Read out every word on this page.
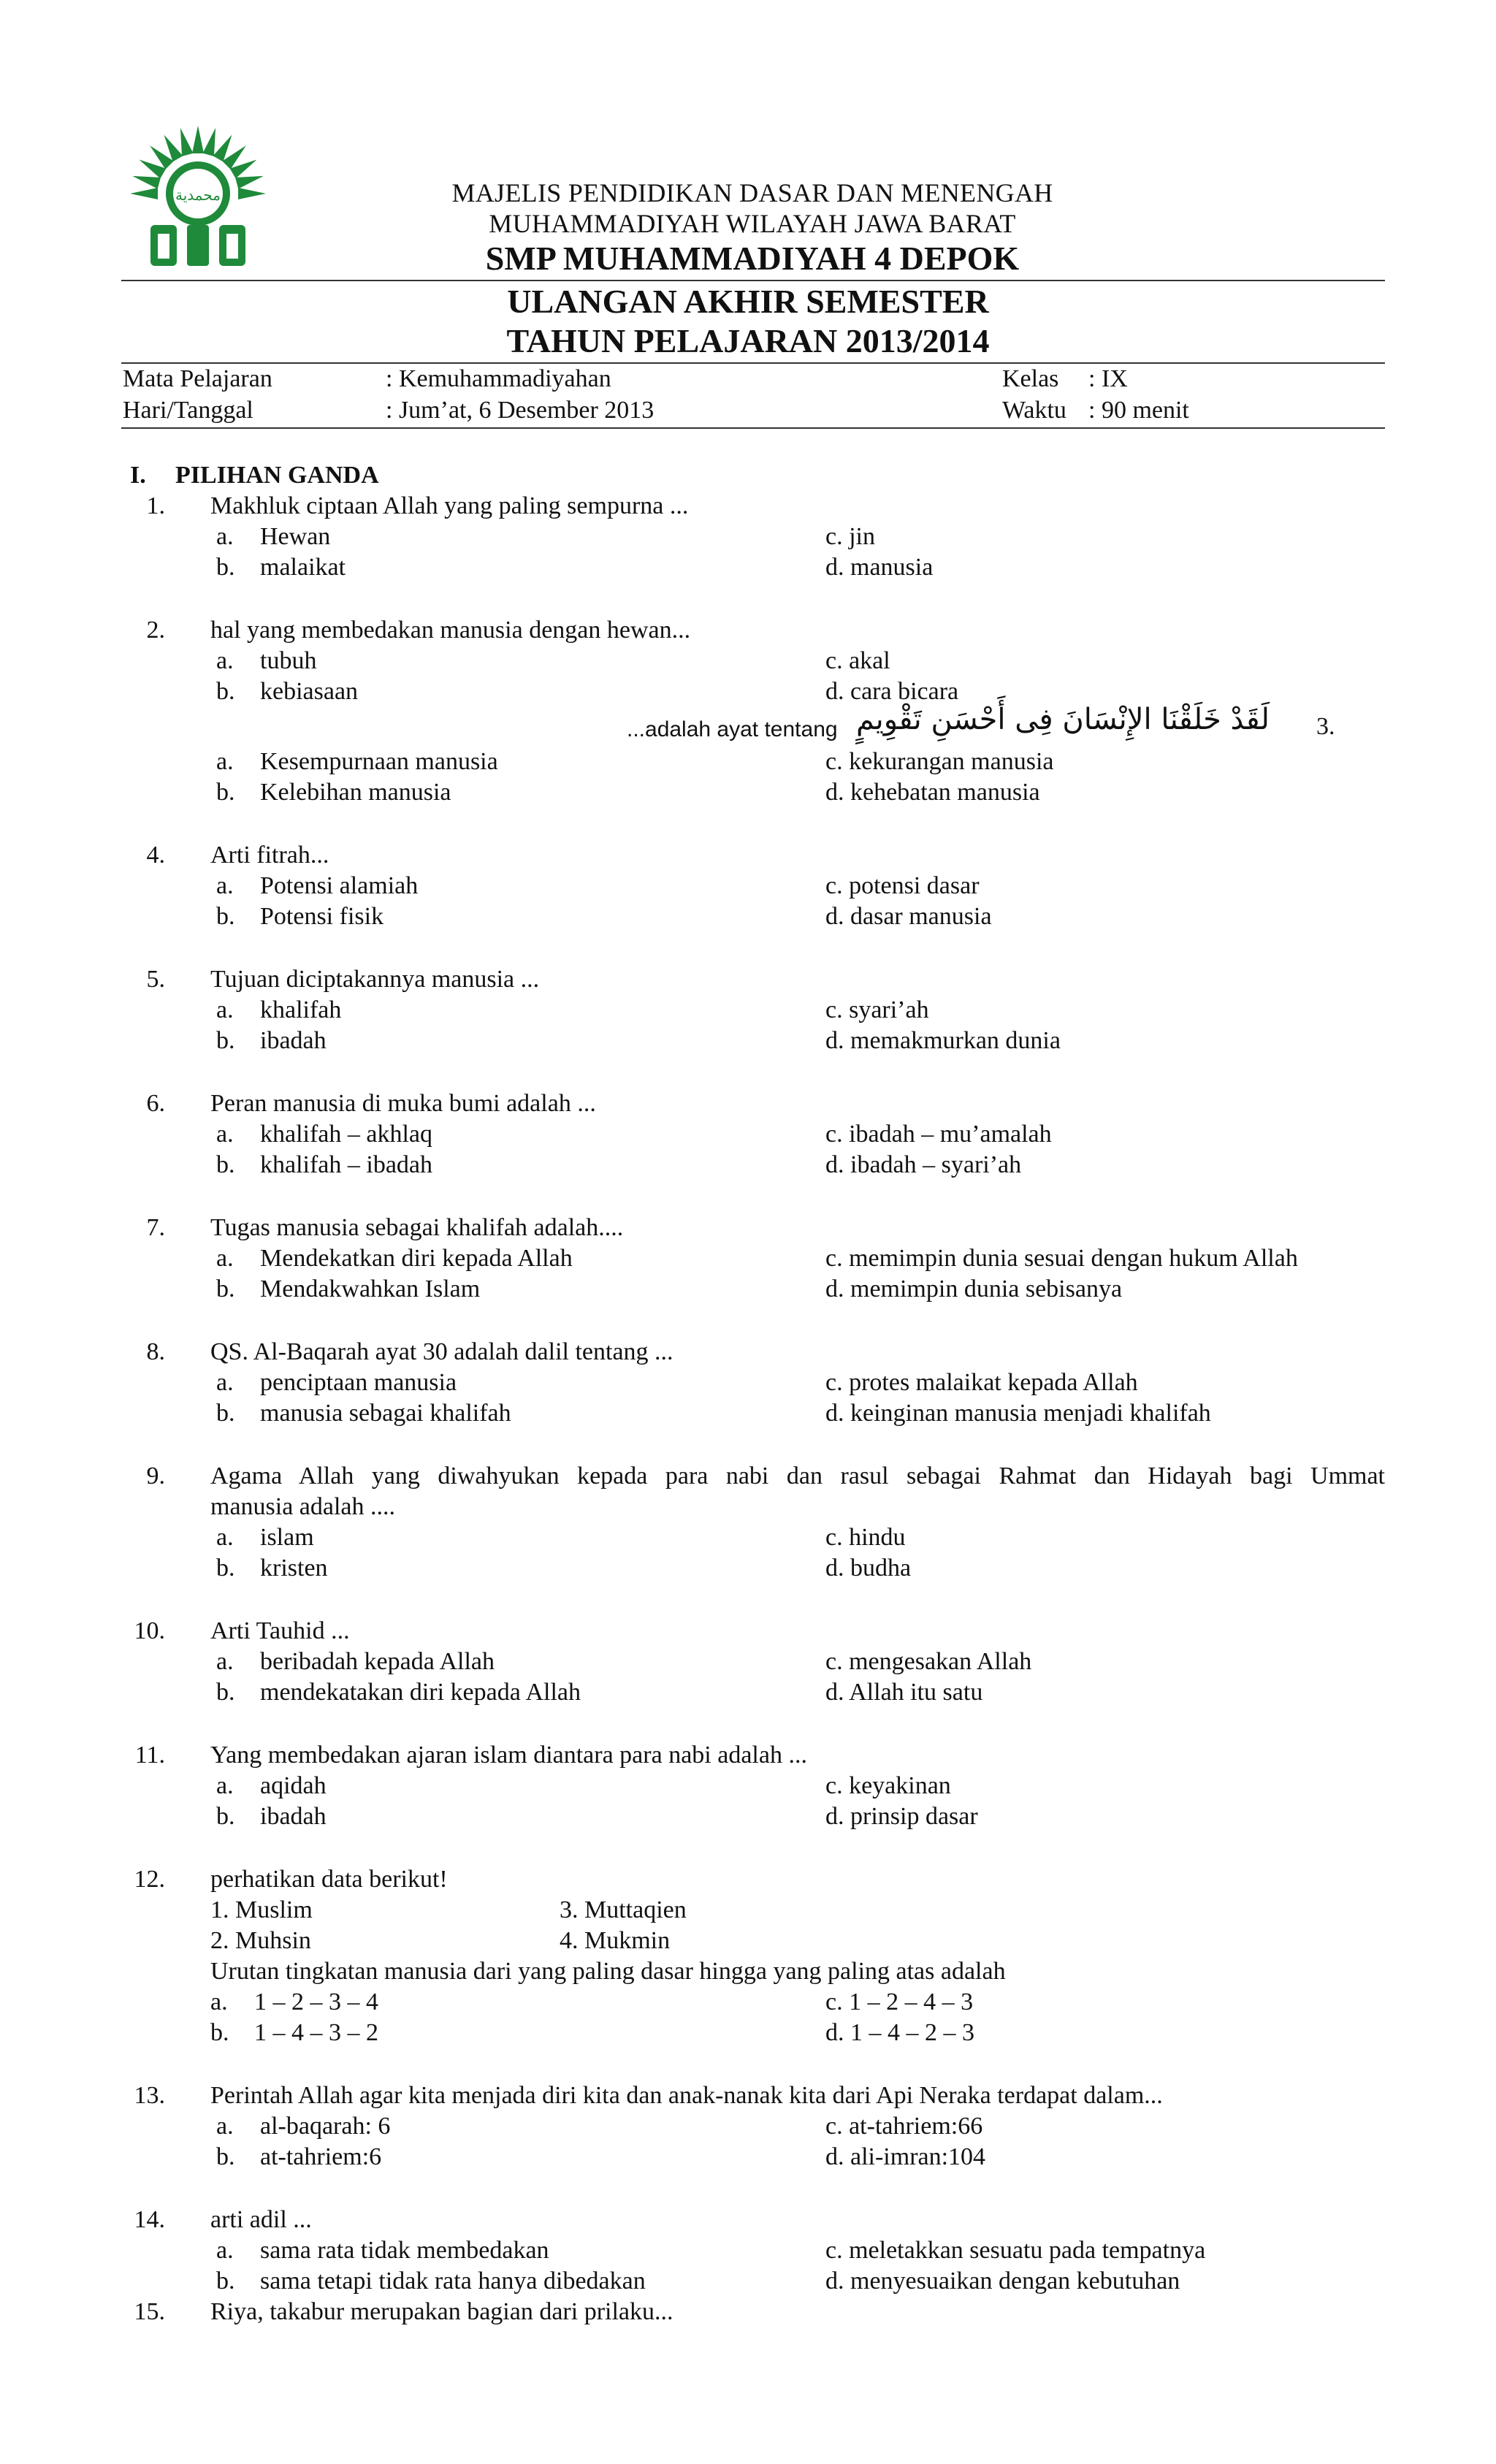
محمدية	MAJELIS PENDIDIKAN DASAR DAN MENENGAH
MUHAMMADIYAH WILAYAH JAWA BARAT
SMP MUHAMMADIYAH 4 DEPOK
ULANGAN AKHIR SEMESTER
TAHUN PELAJARAN 2013/2014
Mata Pelajaran	: Kemuhammadiyahan	Kelas : IX
Hari/Tanggal	: Jum’at, 6 Desember 2013	Waktu : 90 menit
I. PILIHAN GANDA
1. Makhluk ciptaan Allah yang paling sempurna ...
a. Hewan
b. malaikat
c. jin
d. manusia
2. hal yang membedakan manusia dengan hewan...
a. tubuh
b. kebiasaan
c. akal
d. cara bicara
3.
لَقَدْ خَلَقْنَا الإِنْسَانَ فِى أَحْسَنِ تَقْوِيمٍ
...adalah ayat tentang
a. Kesempurnaan manusia
b. Kelebihan manusia
c. kekurangan manusia
d. kehebatan manusia
4. Arti fitrah...
a. Potensi alamiah
b. Potensi fisik
c. potensi dasar
d. dasar manusia
5. Tujuan diciptakannya manusia ...
a. khalifah
b. ibadah
c. syari’ah
d. memakmurkan dunia
6. Peran manusia di muka bumi adalah ...
a. khalifah – akhlaq
b. khalifah – ibadah
c. ibadah – mu’amalah
d. ibadah – syari’ah
7. Tugas manusia sebagai khalifah adalah....
a. Mendekatkan diri kepada Allah
b. Mendakwahkan Islam
c. memimpin dunia sesuai dengan hukum Allah
d. memimpin dunia sebisanya
8. QS. Al-Baqarah ayat 30 adalah dalil tentang ...
a. penciptaan manusia
b. manusia sebagai khalifah
c. protes malaikat kepada Allah
d. keinginan manusia menjadi khalifah
9. Agama Allah yang diwahyukan kepada para nabi dan rasul sebagai Rahmat dan Hidayah bagi Ummat
manusia adalah ....
a. islam
b. kristen
c. hindu
d. budha
10. Arti Tauhid ...
a. beribadah kepada Allah
b. mendekatakan diri kepada Allah
c. mengesakan Allah
d. Allah itu satu
11. Yang membedakan ajaran islam diantara para nabi adalah ...
a. aqidah
b. ibadah
c. keyakinan
d. prinsip dasar
12. perhatikan data berikut!
1. Muslim	3. Muttaqien
2. Muhsin	4. Mukmin
Urutan tingkatan manusia dari yang paling dasar hingga yang paling atas adalah
a. 1 – 2 – 3 – 4
b. 1 – 4 – 3 – 2
c. 1 – 2 – 4 – 3
d. 1 – 4 – 2 – 3
13. Perintah Allah agar kita menjada diri kita dan anak-nanak kita dari Api Neraka terdapat dalam...
a. al-baqarah: 6
b. at-tahriem:6
c. at-tahriem:66
d. ali-imran:104
14. arti adil ...
a. sama rata tidak membedakan
b. sama tetapi tidak rata hanya dibedakan
c. meletakkan sesuatu pada tempatnya
d. menyesuaikan dengan kebutuhan
15. Riya, takabur merupakan bagian dari prilaku...
